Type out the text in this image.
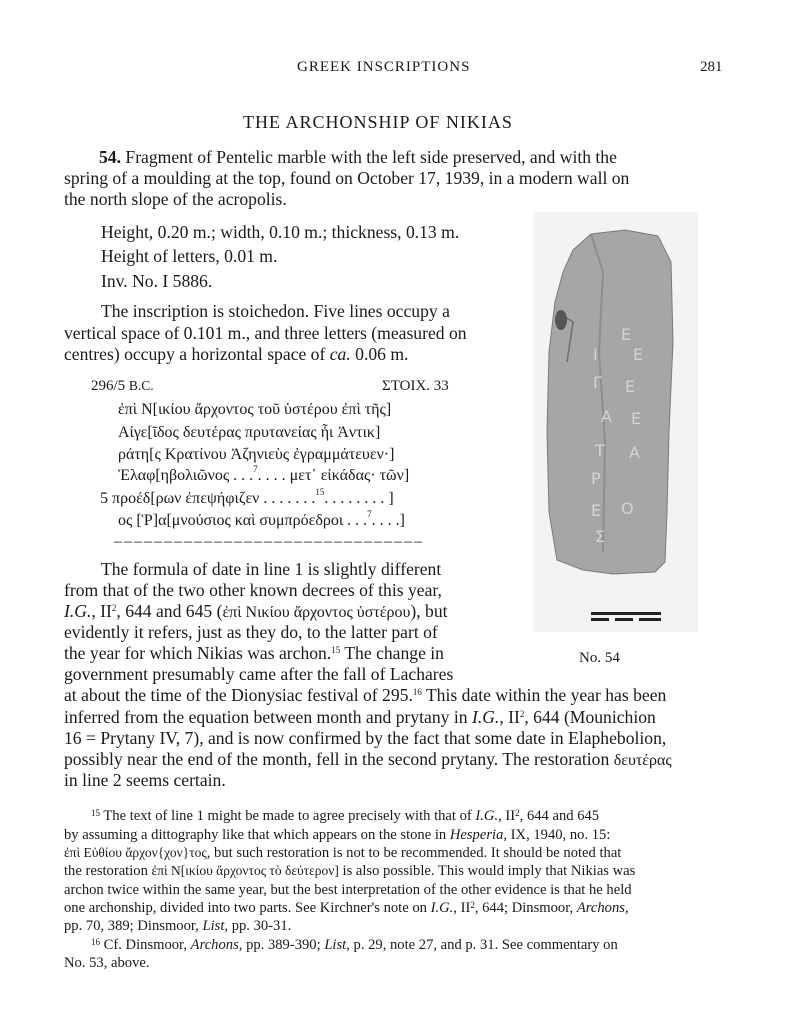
GREEK INSCRIPTIONS	281
THE ARCHONSHIP OF NIKIAS
54. Fragment of Pentelic marble with the left side preserved, and with the
spring of a moulding at the top, found on October 17, 1939, in a modern wall on
the north slope of the acropolis.
Height, 0.20 m.; width, 0.10 m.; thickness, 0.13 m.
Height of letters, 0.01 m.
Inv. No. I 5886.
The inscription is stoichedon. Five lines occupy a
vertical space of 0.101 m., and three letters (measured on
centres) occupy a horizontal space of ca. 0.06 m.
296/5 B.C.	ΣΤΟΙΧ. 33
ἐπὶ Ν[ικίου ἄρχοντος τοῦ ὑστέρου ἐπὶ τῆς]
Αἰγε[ῖδος δευτέρας πρυτανείας ἧι Ἀντικ]
ράτη[ς Κρατίνου Ἀζηνιεὺς ἐγραμμάτευεν·]
Ἐλαφ[ηβολιῶνος . . .$^7$. . . . μετ᾽ εἰκάδας· τῶν]
5 προέδ[ρων ἐπεψήφιζεν . . . . . . .$^{15}$. . . . . . . . ]
ος [Ῥ]α[μνούσιος καὶ συμπρόεδροι . . .$^7$. . . .]
– – – – – – – – – – – – – – – – – – – – – – – – – – – – – – –
Ε
Ι Ε
Γ Ε
Α Ε
Τ Α
Ρ
Ο
Ε
Σ
No. 54
The formula of date in line 1 is slightly different
from that of the two other known decrees of this year,
I.G., $II^2$, 644 and 645 (ἐπὶ Νικίου ἄρχοντος ὑστέρου), but
evidently it refers, just as they do, to the latter part of
the year for which Nikias was archon.$^{15}$ The change in
government presumably came after the fall of Lachares
at about the time of the Dionysiac festival of 295.16 This date within the year has been
inferred from the equation between month and prytany in I.G., $II^2$, 644 (Mounichion
16 = Prytany IV, 7), and is now confirmed by the fact that some date in Elaphebolion,
possibly near the end of the month, fell in the second prytany. The restoration δευτέρας
in line 2 seems certain.
$^{15}$ The text of line 1 might be made to agree precisely with that of I.G., $II^2$, 644 and 645
by assuming a dittography like that which appears on the stone in Hesperia, IX, 1940, no. 15:
ἐπὶ Εὐθίου ἄρχον{χον}τος, but such restoration is not to be recommended. It should be noted that
the restoration ἐπὶ Ν[ικίου ἄρχοντος τὸ δεύτερον] is also possible. This would imply that Nikias was
archon twice within the same year, but the best interpretation of the other evidence is that he held
one archonship, divided into two parts. See Kirchner's note on I.G., $II^2$, 644; Dinsmoor, Archons,
pp. 70, 389; Dinsmoor, List, pp. 30-31.
$^{16}$ Cf. Dinsmoor, Archons, pp. 389-390; List, p. 29, note 27, and p. 31. See commentary on
No. 53, above.
